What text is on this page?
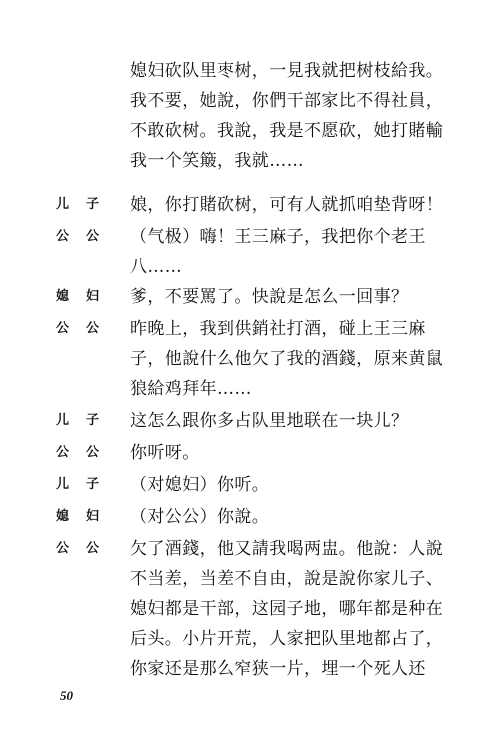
媳妇砍队里枣树，一見我就把树枝給我。
我不要，她說，你們干部家比不得社員，
不敢砍树。我說，我是不愿砍，她打賭輸
我一个笑簸，我就……
儿子 娘，你打賭砍树，可有人就抓咱垫背呀！
公公 （气极）嗨！王三麻子，我把你个老王
八……
媳妇 爹，不要罵了。快說是怎么一回事？
公公 昨晚上，我到供銷社打酒，碰上王三麻
子，他說什么他欠了我的酒錢，原来黄鼠
狼給鸡拜年……
儿子 这怎么跟你多占队里地联在一块儿？
公公 你听呀。
儿子 （对媳妇）你听。
媳妇 （对公公）你說。
公公 欠了酒錢，他又請我喝两盅。他說：人說
不当差，当差不自由，說是說你家儿子、
媳妇都是干部，这园子地，哪年都是种在
后头。小片开荒，人家把队里地都占了，
你家还是那么窄狭一片，埋一个死人还
50
